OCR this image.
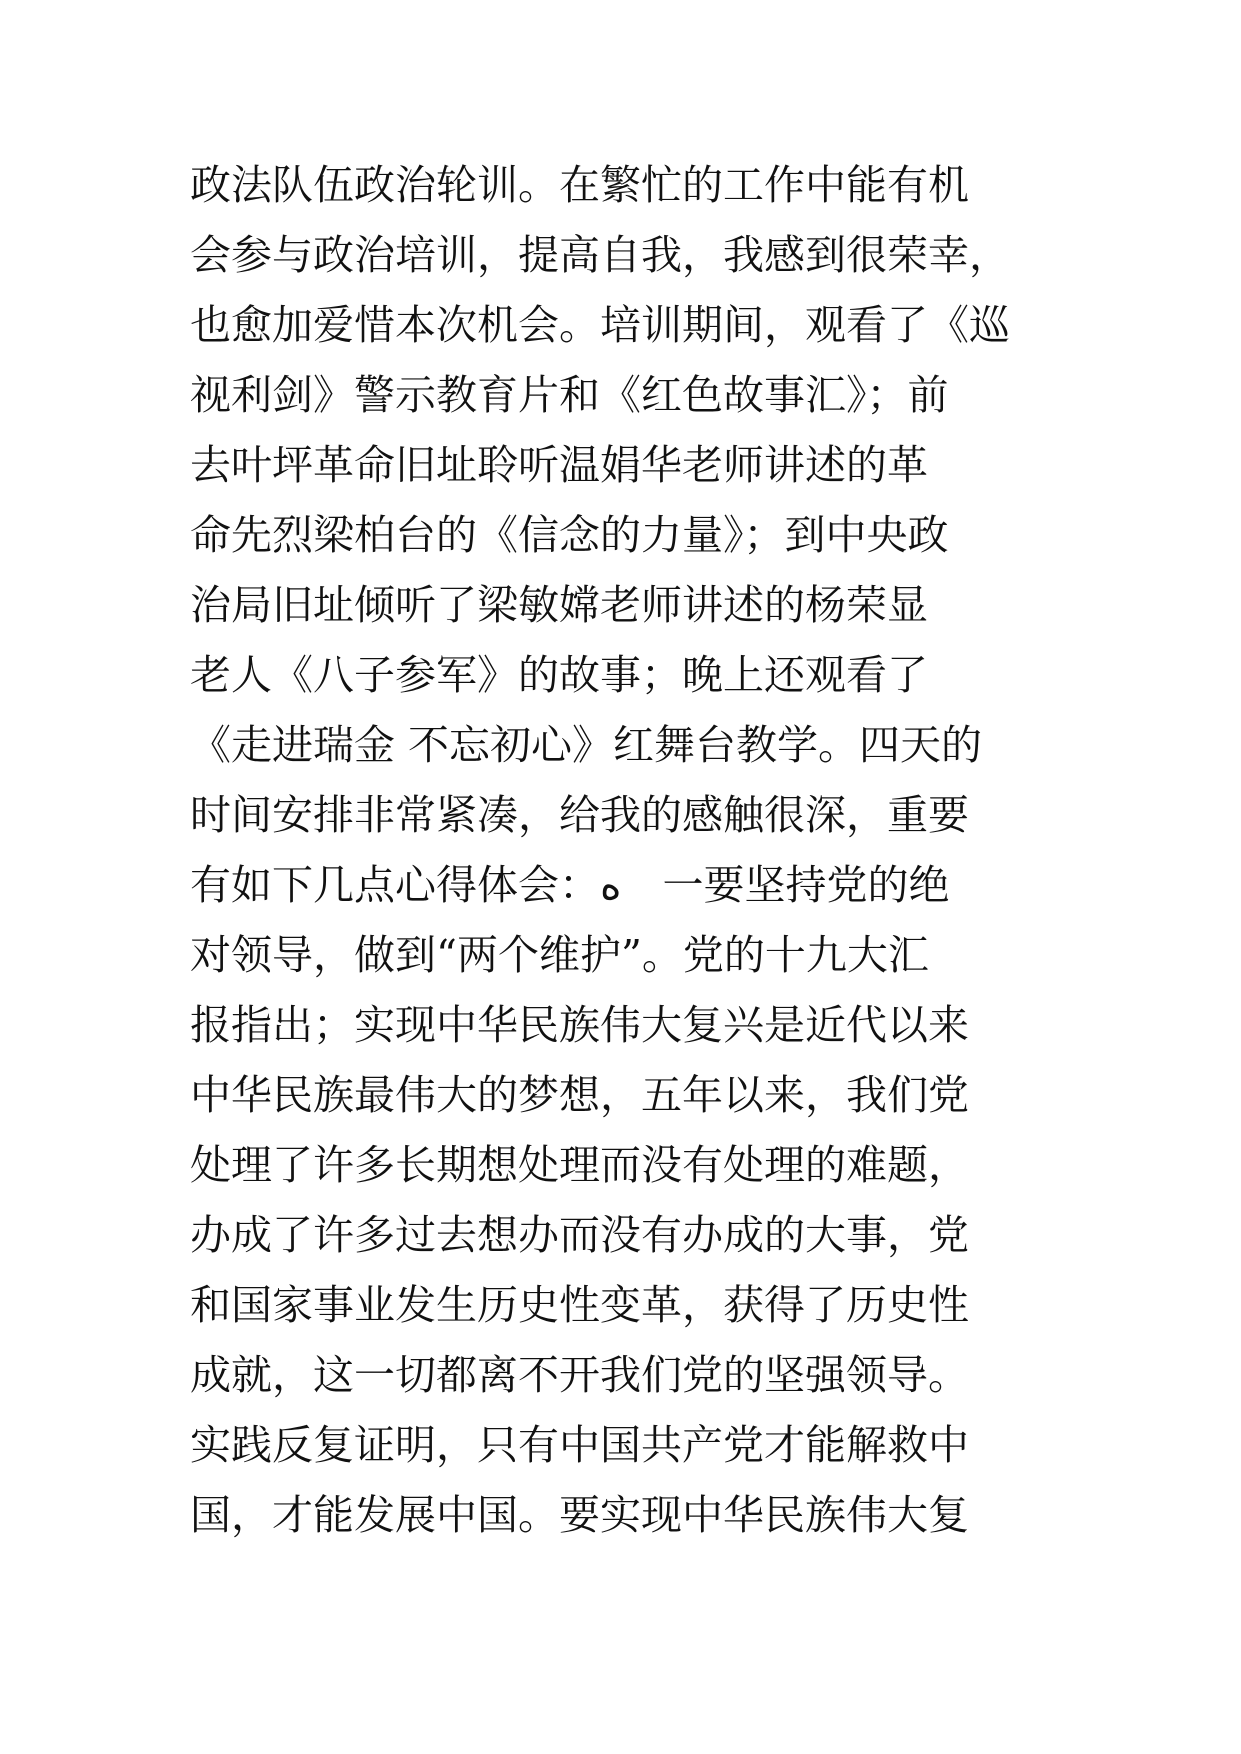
政法队伍政治轮训。在繁忙的工作中能有机
会参与政治培训，提高自我，我感到很荣幸，
也愈加爱惜本次机会。培训期间，观看了《巡
视利剑》警示教育片和《红色故事汇》；前
去叶坪革命旧址聆听温娟华老师讲述的革
命先烈梁柏台的《信念的力量》；到中央政
治局旧址倾听了梁敏嫦老师讲述的杨荣显
老人《八子参军》的故事；晚上还观看了
《走进瑞金 不忘初心》红舞台教学。四天的
时间安排非常紧凑，给我的感触很深，重要
有如下几点心得体会：ﻩ　一要坚持党的绝
对领导，做到“两个维护”。党的十九大汇
报指出；实现中华民族伟大复兴是近代以来
中华民族最伟大的梦想，五年以来，我们党
处理了许多长期想处理而没有处理的难题，
办成了许多过去想办而没有办成的大事，党
和国家事业发生历史性变革，获得了历史性
成就，这一切都离不开我们党的坚强领导。
实践反复证明，只有中国共产党才能解救中
国，才能发展中国。要实现中华民族伟大复
